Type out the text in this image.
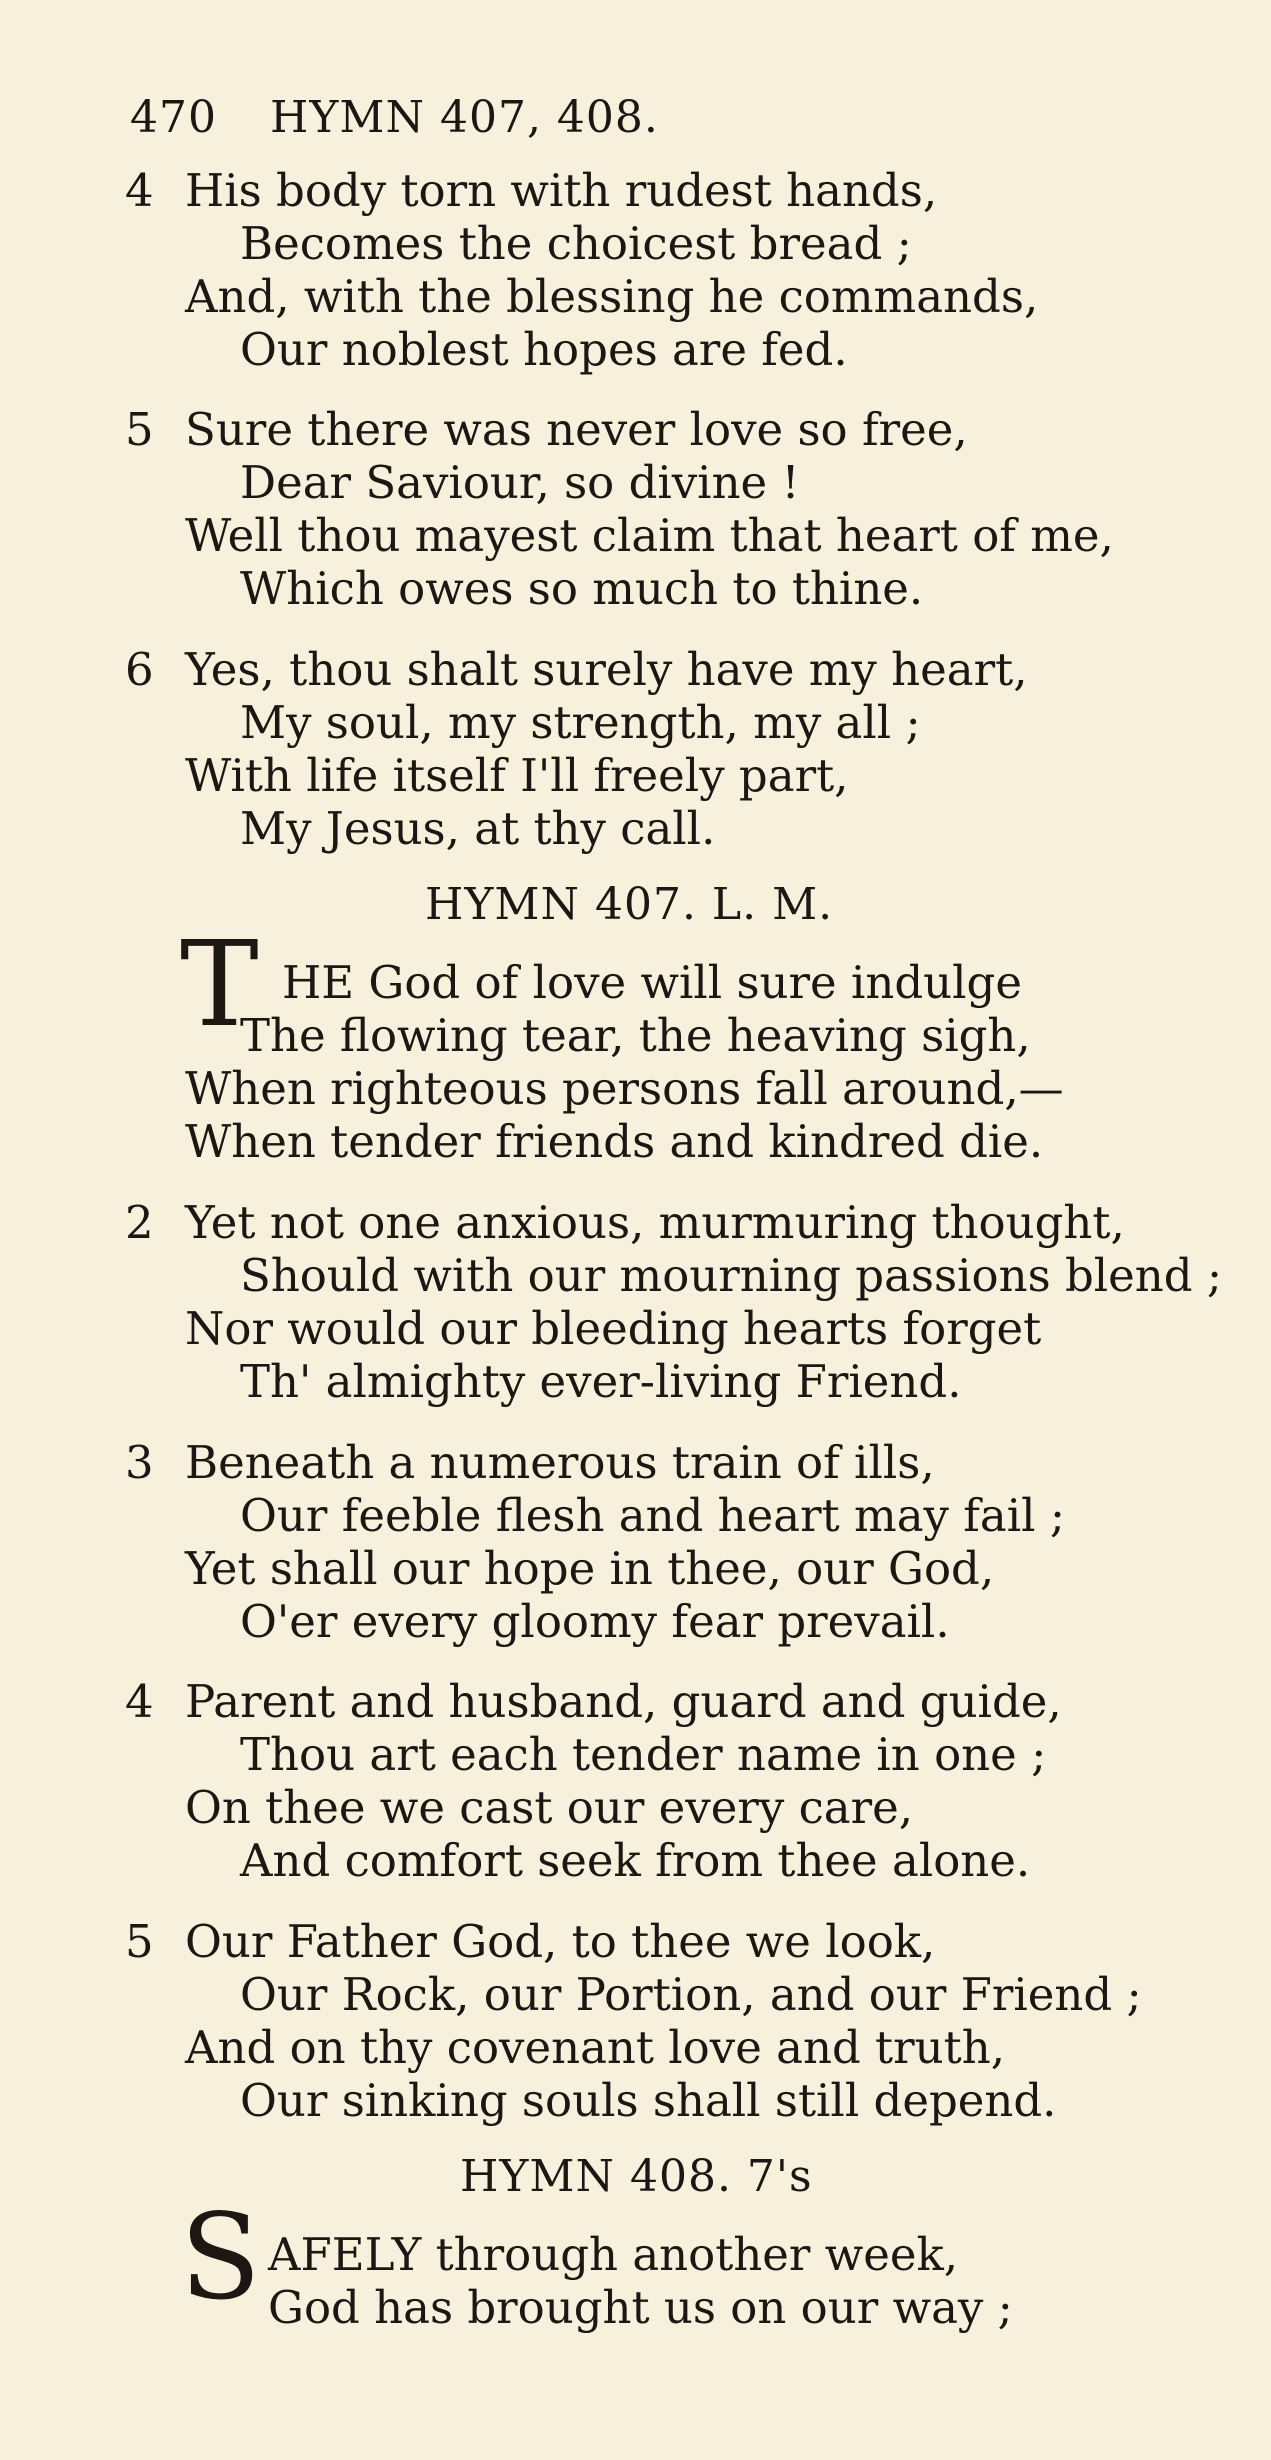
470 HYMN 407, 408.
4 His body torn with rudest hands,
Becomes the choicest bread ;
And, with the blessing he commands,
Our noblest hopes are fed.
5 Sure there was never love so free,
Dear Saviour, so divine !
Well thou mayest claim that heart of me,
Which owes so much to thine.
6 Yes, thou shalt surely have my heart,
My soul, my strength, my all ;
With life itself I'll freely part,
My Jesus, at thy call.
HYMN 407. L. M.
T HE God of love will sure indulge
The flowing tear, the heaving sigh,
When righteous persons fall around,—
When tender friends and kindred die.
2 Yet not one anxious, murmuring thought,
Should with our mourning passions blend ;
Nor would our bleeding hearts forget
Th' almighty ever-living Friend.
3 Beneath a numerous train of ills,
Our feeble flesh and heart may fail ;
Yet shall our hope in thee, our God,
O'er every gloomy fear prevail.
4 Parent and husband, guard and guide,
Thou art each tender name in one ;
On thee we cast our every care,
And comfort seek from thee alone.
5 Our Father God, to thee we look,
Our Rock, our Portion, and our Friend ;
And on thy covenant love and truth,
Our sinking souls shall still depend.
HYMN 408. 7's
S AFELY through another week,
God has brought us on our way ;
